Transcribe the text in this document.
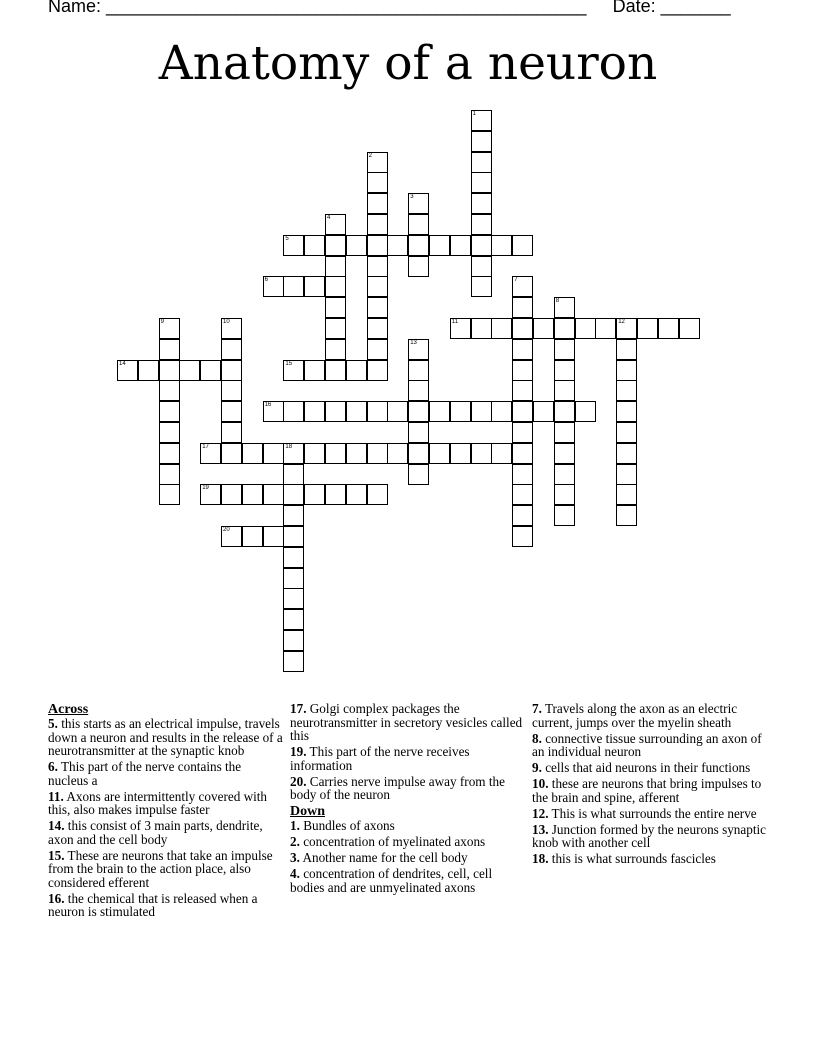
Name: ________________________________________________ Date: _______
Anatomy of a neuron
1
2
3
4
5
6	7
8
9	10	11	12
13
14	15
16
17	18
19
20
Across
5. this starts as an electrical impulse, travels down a neuron and results in the release of a neurotransmitter at the synaptic knob
6. This part of the nerve contains the nucleus a
11. Axons are intermittently covered with this, also makes impulse faster
14. this consist of 3 main parts, dendrite, axon and the cell body
15. These are neurons that take an impulse from the brain to the action place, also considered efferent
16. the chemical that is released when a neuron is stimulated
17. Golgi complex packages the neurotransmitter in secretory vesicles called this
19. This part of the nerve receives information
20. Carries nerve impulse away from the body of the neuron
Down
1. Bundles of axons
2. concentration of myelinated axons
3. Another name for the cell body
4. concentration of dendrites, cell, cell bodies and are unmyelinated axons
7. Travels along the axon as an electric current, jumps over the myelin sheath
8. connective tissue surrounding an axon of an individual neuron
9. cells that aid neurons in their functions
10. these are neurons that bring impulses to the brain and spine, afferent
12. This is what surrounds the entire nerve
13. Junction formed by the neurons synaptic knob with another cell
18. this is what surrounds fascicles
